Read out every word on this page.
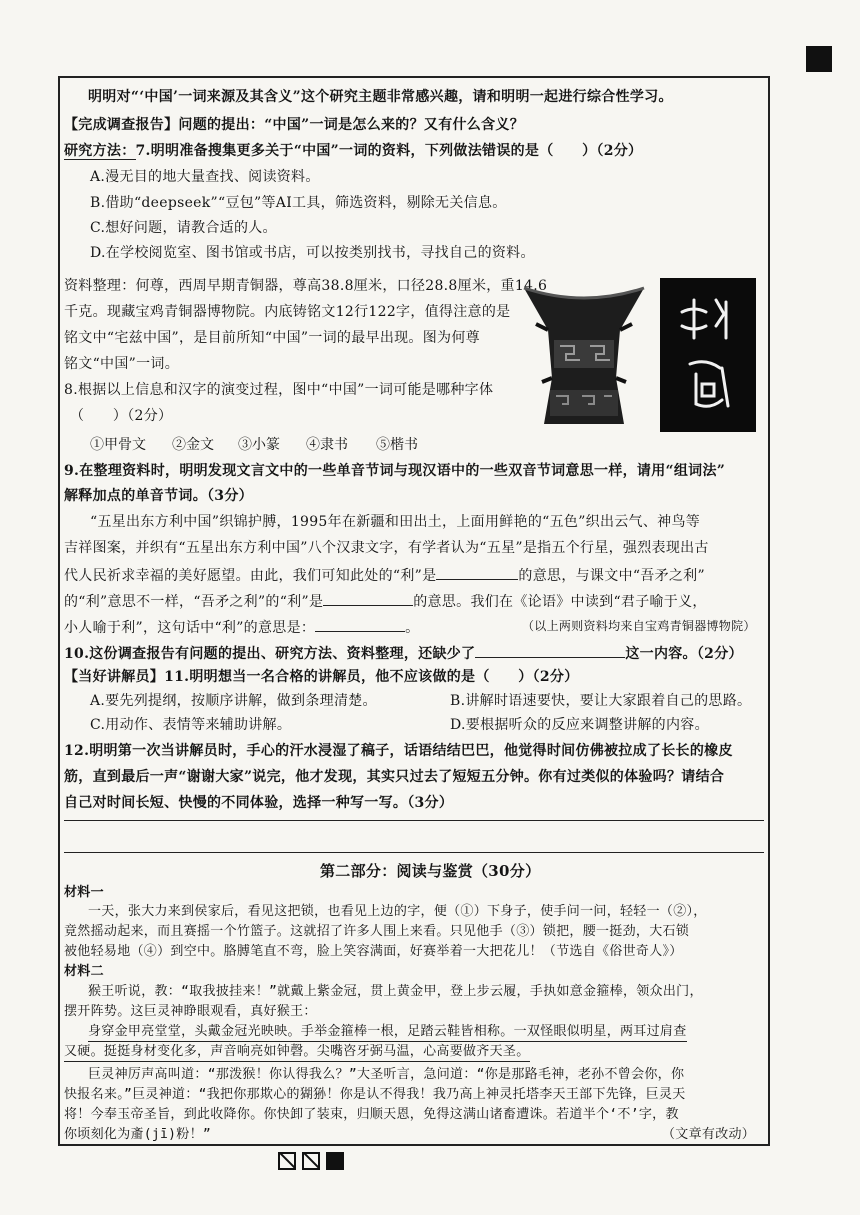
明明对“‘中国’一词来源及其含义”这个研究主题非常感兴趣，请和明明一起进行综合性学习。
【完成调查报告】问题的提出：“中国”一词是怎么来的？又有什么含义？
研究方法：7.明明准备搜集更多关于“中国”一词的资料，下列做法错误的是（　　）（2分）
A.漫无目的地大量查找、阅读资料。
B.借助“deepseek”“豆包”等AI工具，筛选资料，剔除无关信息。
C.想好问题，请教合适的人。
D.在学校阅览室、图书馆或书店，可以按类别找书，寻找自己的资料。
资料整理：何尊，西周早期青铜器，尊高38.8厘米，口径28.8厘米，重14.6
千克。现藏宝鸡青铜器博物院。内底铸铭文12行122字，值得注意的是
铭文中“宅兹中国”，是目前所知“中国”一词的最早出现。图为何尊
铭文“中国”一词。
8.根据以上信息和汉字的演变过程，图中“中国”一词可能是哪种字体
（　　）（2分）
①甲骨文 ②金文 ③小篆 ④隶书 ⑤楷书
9.在整理资料时，明明发现文言文中的一些单音节词与现汉语中的一些双音节词意思一样，请用“组词法”
解释加点的单音节词。（3分）
“五星出东方利中国”织锦护膊，1995年在新疆和田出土，上面用鲜艳的“五色”织出云气、神鸟等
吉祥图案，并织有“五星出东方利中国”八个汉隶文字，有学者认为“五星”是指五个行星，强烈表现出古
代人民祈求幸福的美好愿望。由此，我们可知此处的“利”是	的意思，与课文中“吾矛之利”
的“利”意思不一样，“吾矛之利”的“利”是	的意思。我们在《论语》中读到“君子喻于义，
小人喻于利”，这句话中“利”的意思是：	。	（以上两则资料均来自宝鸡青铜器博物院）
10.这份调查报告有问题的提出、研究方法、资料整理，还缺少了	这一内容。（2分）
【当好讲解员】11.明明想当一名合格的讲解员，他不应该做的是（　　）（2分）
A.要先列提纲，按顺序讲解，做到条理清楚。	B.讲解时语速要快，要让大家跟着自己的思路。
C.用动作、表情等来辅助讲解。	D.要根据听众的反应来调整讲解的内容。
12.明明第一次当讲解员时，手心的汗水浸湿了稿子，话语结结巴巴，他觉得时间仿佛被拉成了长长的橡皮
筋，直到最后一声“谢谢大家”说完，他才发现，其实只过去了短短五分钟。你有过类似的体验吗？请结合
自己对时间长短、快慢的不同体验，选择一种写一写。（3分）
第二部分：阅读与鉴赏（30分）
材料一
一天，张大力来到侯家后，看见这把锁，也看见上边的字，便（①）下身子，使手问一问，轻轻一（②），
竟然摇动起来，而且赛摇一个竹篮子。这就招了许多人围上来看。只见他手（③）锁把，腰一挺劲，大石锁
被他轻易地（④）到空中。胳膊笔直不弯，脸上笑容满面，好赛举着一大把花儿！（节选自《俗世奇人》）
材料二
猴王听说，教：“取我披挂来！”就戴上紫金冠，贯上黄金甲，登上步云履，手执如意金箍棒，领众出门，
摆开阵势。这巨灵神睁眼观看，真好猴王：
身穿金甲亮堂堂，头戴金冠光映映。手举金箍棒一根，足踏云鞋皆相称。一双怪眼似明星，两耳过肩查
又硬。挺挺身材变化多，声音响亮如钟磬。尖嘴咨牙弼马温，心高要做齐天圣。
巨灵神厉声高叫道：“那泼猴！你认得我么？”大圣听言，急问道：“你是那路毛神，老孙不曾会你，你
快报名来。”巨灵神道：“我把你那欺心的猢狲！你是认不得我！我乃高上神灵托塔李天王部下先锋，巨灵天
将！今奉玉帝圣旨，到此收降你。你快卸了装束，归顺天恩，免得这满山诸畜遭诛。若道半个‘不’字，教
你顷刻化为齑(jī)粉！”	（文章有改动）
